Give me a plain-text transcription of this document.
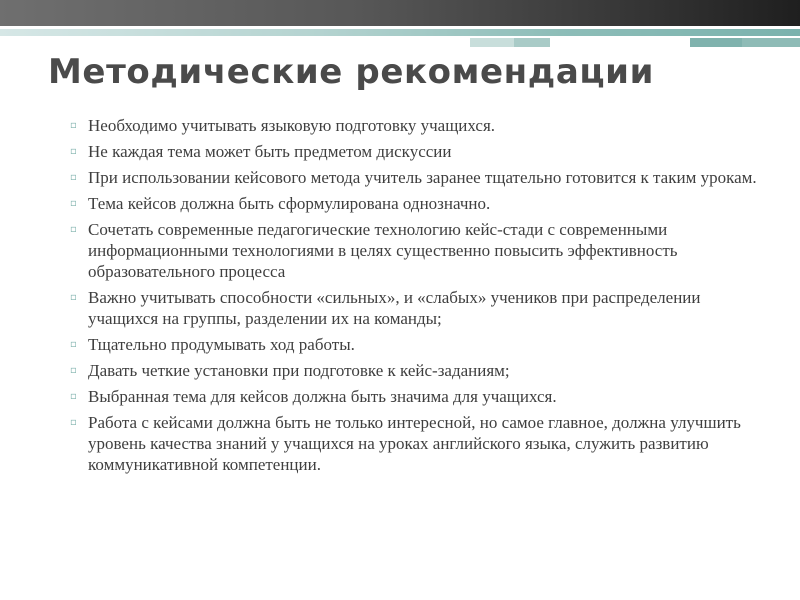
Методические рекомендации
▫ Необходимо учитывать языковую подготовку учащихся.
▫ Не каждая тема может быть предметом дискуссии
▫ При использовании кейсового метода учитель заранее тщательно готовится к таким урокам.
▫ Тема кейсов должна быть сформулирована однозначно.
▫ Сочетать современные педагогические технологию кейс-стади с современными информационными технологиями в целях существенно повысить эффективность образовательного процесса
▫ Важно учитывать способности «сильных», и «слабых» учеников при распределении учащихся на группы, разделении их на команды;
▫ Тщательно продумывать ход работы.
▫ Давать четкие установки при подготовке к кейс-заданиям;
▫ Выбранная тема для кейсов должна быть значима для учащихся.
▫ Работа с кейсами должна быть не только интересной, но самое главное, должна улучшить уровень качества знаний у учащихся на уроках английского языка, служить развитию коммуникативной компетенции.
